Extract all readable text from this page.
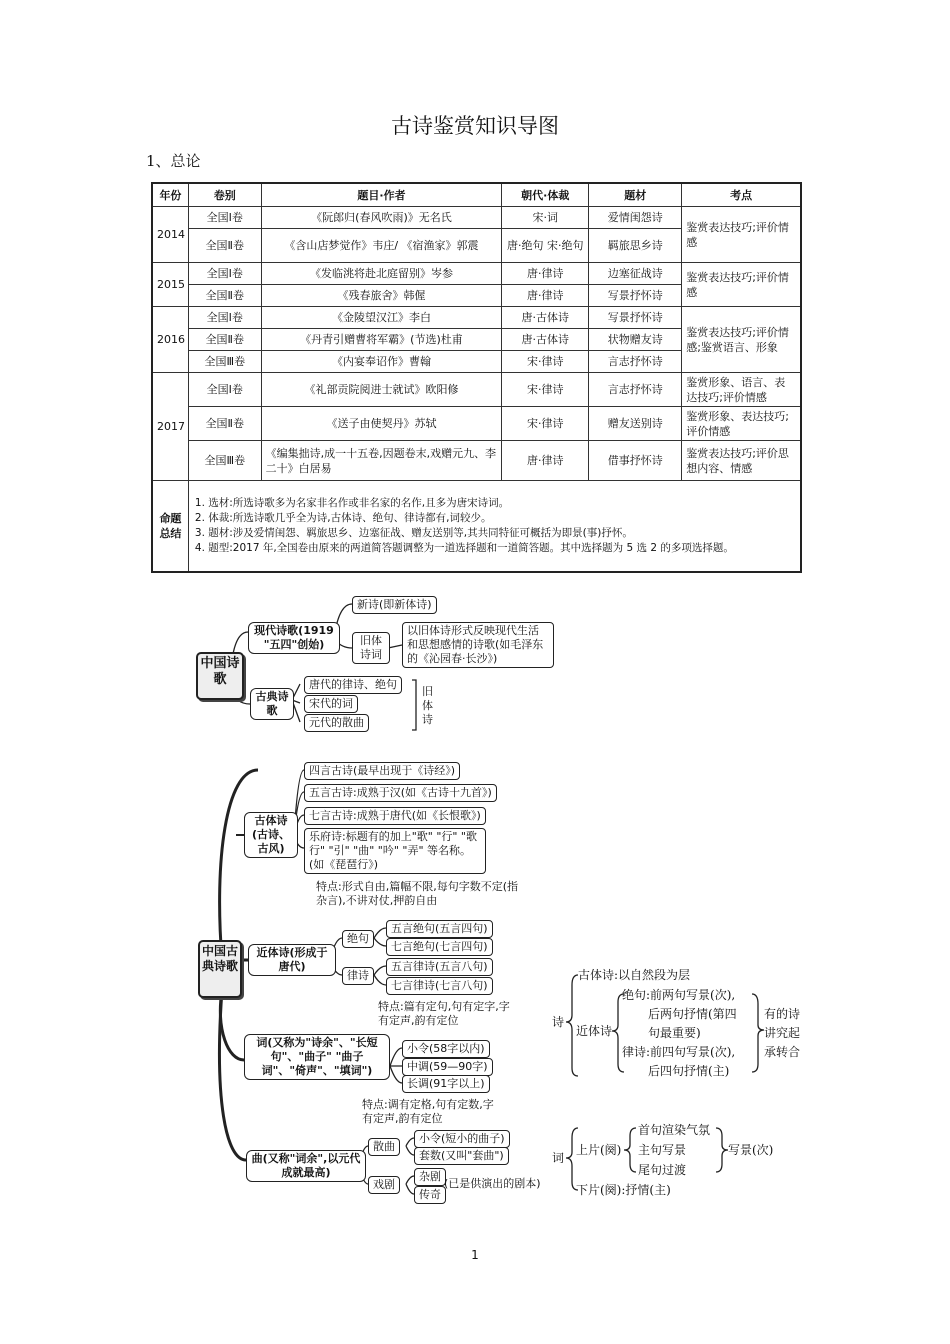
古诗鉴赏知识导图
1、总论
年份	卷别	题目·作者	朝代·体裁	题材	考点
2014	全国Ⅰ卷	《阮郎归(春风吹雨)》无名氏	宋·词	爱情闺怨诗	鉴赏表达技巧;评价情感
	全国Ⅱ卷	《含山店梦觉作》韦庄/ 《宿渔家》郭震	唐·绝句 宋·绝句	羁旅思乡诗	
2015	全国Ⅰ卷	《发临洮将赴北庭留别》岑参	唐·律诗	边塞征战诗	鉴赏表达技巧;评价情感
	全国Ⅱ卷	《残春旅舍》韩偓	唐·律诗	写景抒怀诗	
2016	全国Ⅰ卷	《金陵望汉江》李白	唐·古体诗	写景抒怀诗	鉴赏表达技巧;评价情感;鉴赏语言、形象
	全国Ⅱ卷	《丹青引赠曹将军霸》(节选)杜甫	唐·古体诗	状物赠友诗	
	全国Ⅲ卷	《内宴奉诏作》曹翰	宋·律诗	言志抒怀诗	
2017	全国Ⅰ卷	《礼部贡院阅进士就试》欧阳修	宋·律诗	言志抒怀诗	鉴赏形象、语言、表达技巧;评价情感
	全国Ⅱ卷	《送子由使契丹》苏轼	宋·律诗	赠友送别诗	鉴赏形象、表达技巧;评价情感
	全国Ⅲ卷	《编集拙诗,成一十五卷,因题卷末,戏赠元九、李二十》白居易	唐·律诗	借事抒怀诗	鉴赏表达技巧;评价思想内容、情感
命题总结	1. 选材:所选诗歌多为名家非名作或非名家的名作,且多为唐宋诗词。
2. 体裁:所选诗歌几乎全为诗,古体诗、绝句、律诗都有,词较少。
3. 题材:涉及爱情闺怨、羁旅思乡、边塞征战、赠友送别等,其共同特征可概括为即景(事)抒怀。
4. 题型:2017 年,全国卷由原来的两道简答题调整为一道选择题和一道简答题。其中选择题为 5 选 2 的多项选择题。				
中国诗歌
现代诗歌(1919 "五四"创始)
新诗(即新体诗)
旧体诗词
以旧体诗形式反映现代生活和思想感情的诗歌(如毛泽东的《沁园春·长沙》)
古典诗歌
唐代的律诗、绝句
宋代的词
元代的散曲
旧体诗
中国古典诗歌
古体诗(古诗、古风)
四言古诗(最早出现于《诗经》)
五言古诗:成熟于汉(如《古诗十九首》)
七言古诗:成熟于唐代(如《长恨歌》)
乐府诗:标题有的加上"歌" "行" "歌行" "引" "曲" "吟" "弄" 等名称。(如《琵琶行》)
特点:形式自由,篇幅不限,每句字数不定(指杂言),不讲对仗,押韵自由
近体诗(形成于唐代)
绝句
律诗
五言绝句(五言四句)
七言绝句(七言四句)
五言律诗(五言八句)
七言律诗(七言八句)
特点:篇有定句,句有定字,字有定声,韵有定位
词(又称为"诗余"、"长短句"、"曲子" "曲子词"、"倚声"、"填词")
小令(58字以内)
中调(59—90字)
长调(91字以上)
特点:调有定格,句有定数,字有定声,韵有定位
曲(又称"词余",以元代成就最高)
散曲
戏剧
小令(短小的曲子)
套数(又叫"套曲")
杂剧
传奇
(已是供演出的剧本)
诗
古体诗:以自然段为层
近体诗
绝句:前两句写景(次),
后两句抒情(第四
句最重要)
律诗:前四句写景(次),
后四句抒情(主)
有的诗
讲究起
承转合
词
上片(阕)
首句渲染气氛
主句写景
尾句过渡
写景(次)
下片(阕):抒情(主)
1
